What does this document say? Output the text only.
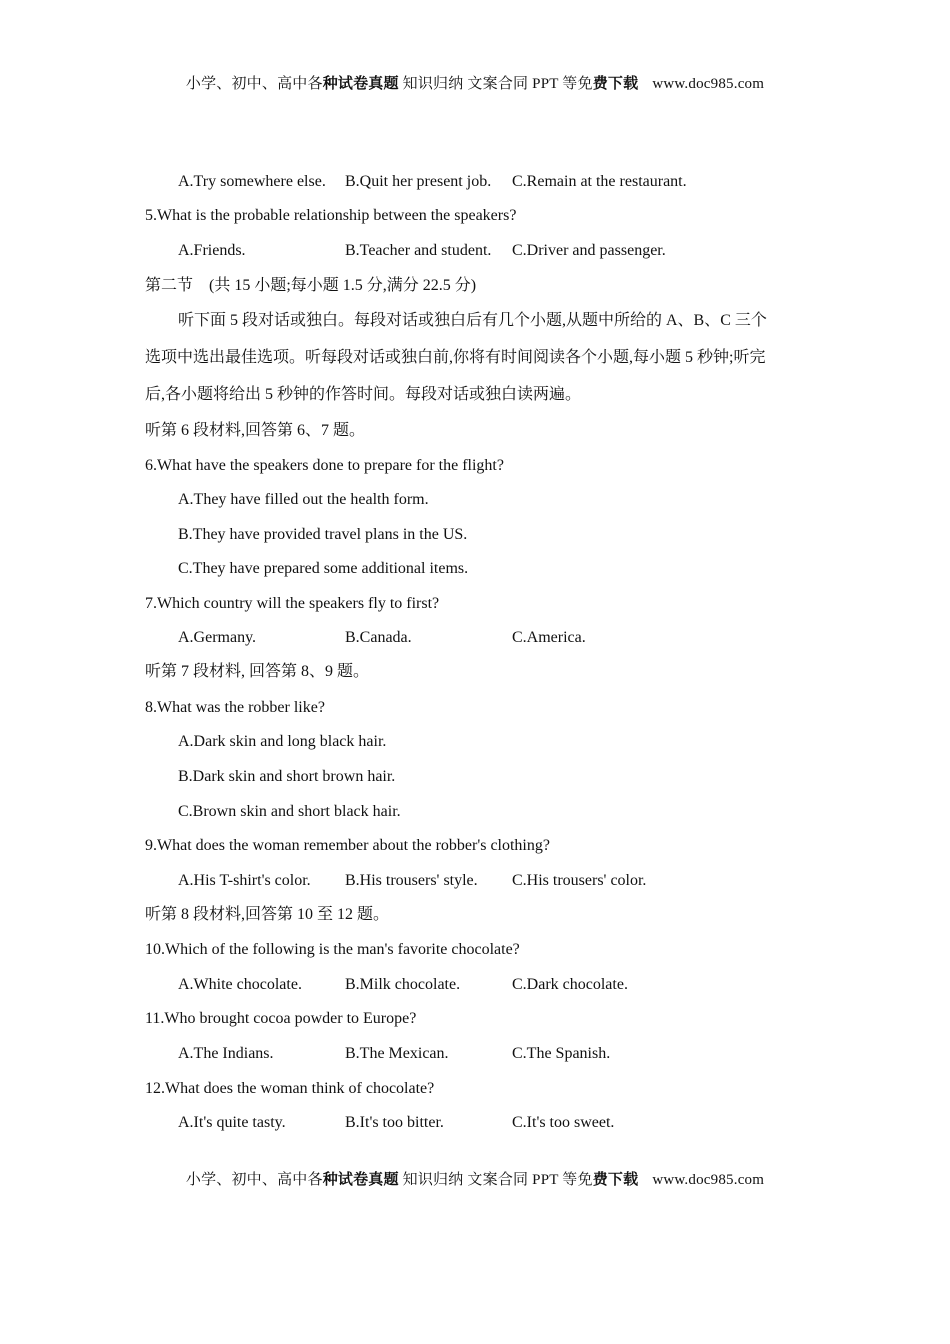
小学、初中、高中各种试卷真题 知识归纳 文案合同 PPT 等免费下载 www.doc985.com
A.Try somewhere else. B.Quit her present job. C.Remain at the restaurant.
5.What is the probable relationship between the speakers?
A.Friends.	B.Teacher and student. C.Driver and passenger.
第二节　(共 15 小题;每小题 1.5 分,满分 22.5 分)
听下面 5 段对话或独白。每段对话或独白后有几个小题,从题中所给的 A、B、C 三个
选项中选出最佳选项。听每段对话或独白前,你将有时间阅读各个小题,每小题 5 秒钟;听完
后,各小题将给出 5 秒钟的作答时间。每段对话或独白读两遍。
听第 6 段材料,回答第 6、7 题。
6.What have the speakers done to prepare for the flight?
A.They have filled out the health form.
B.They have provided travel plans in the US.
C.They have prepared some additional items.
7.Which country will the speakers fly to first?
A.Germany.	B.Canada.	C.America.
听第 7 段材料, 回答第 8、9 题。
8.What was the robber like?
A.Dark skin and long black hair.
B.Dark skin and short brown hair.
C.Brown skin and short black hair.
9.What does the woman remember about the robber's clothing?
A.His T-shirt's color. B.His trousers' style. C.His trousers' color.
听第 8 段材料,回答第 10 至 12 题。
10.Which of the following is the man's favorite chocolate?
A.White chocolate.	B.Milk chocolate.	C.Dark chocolate.
11.Who brought cocoa powder to Europe?
A.The Indians.	B.The Mexican.	C.The Spanish.
12.What does the woman think of chocolate?
A.It's quite tasty.	B.It's too bitter.	C.It's too sweet.
小学、初中、高中各种试卷真题 知识归纳 文案合同 PPT 等免费下载 www.doc985.com
